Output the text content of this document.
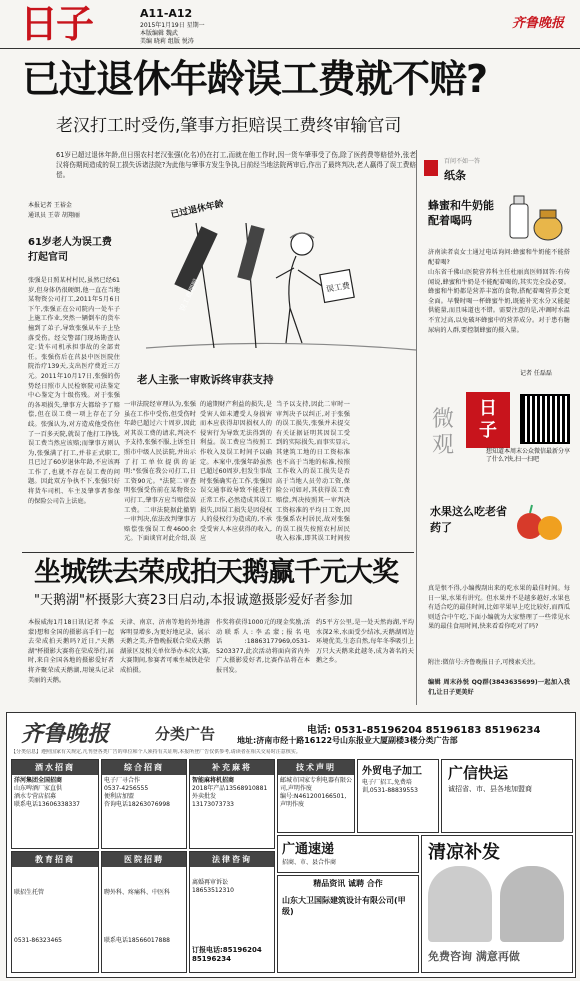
日子	A11-A12
2015年1月19日 星期一
本版编辑 魏武
美编 晓莉 组版 悦涛
齐鲁晚报
已过退休年龄误工费就不赔?
老汉打工时受伤,肇事方拒赔误工费终审输官司
61岁已超过退休年龄,但日照农村老汉张强(化名)仍在打工,而就在他工作时,因一货车肇事受了伤,除了医药费等赔偿外,张老汉将伤期间造成的误工损失诉诸法院?为此他与肇事方发生争执,日前经当地法院两审后,作出了最终判决,老人赢得了误工费赔偿。
本报记者 王裕金
通讯员 王蒂 胡翔丽
61岁老人为误工费打起官司
张强是日照某村村民,虽然已经61岁,但身体仍很硬朗,他一直在当地某物资公司打工,2011年5月6日下午,张强正在公司院内一处车子上施工作业,突然一辆倒车的货车撞到了弟子,导致张强从车子上坠落受伤。经交警部门现场勘查认定:货车司机承担事故的全部责任。张强伤后在莒县中医医院住院治疗139天,支出医疗费近三万元。2011年10月17日,张强的伤势经日照市人民检察院司法鉴定中心鉴定为十级伤残。对于张强的各项损失,肇事方大都给予了赔偿,但在误工费一项上存在了分歧。张强认为,对方造成他受伤住了一百多天院,就误了他打工挣钱,误工费当然应该赔;而肇事方则认为,张强满了打工,并非正式职工,且已过了60岁退休年龄,不应该再工作了,也就不存在误工费的问题。因此双方争执不下,张强只好将货车司机、车主及肇事者参保的保险公司告上法庭。
已过退休年龄
误工费理赔	误工费
老人主张一审败诉终审获支持
一审法院经审理认为,张强虽在工作中受伤,但受伤时年龄已超过六十周岁,因此对其误工费的请求,判决不予支持,张强不服,上诉至日照市中级人民法院,并出示了打工单位提供的证明:"张强在我公司打工,日工资90元。"法院二审查明张强受伤前在某物资公司打工,肇事方应当赔偿误工费。二审法院据此撤销一审判决,依法改判肇事方赔偿张强误工费4600余元。下面谈官对此介绍,误
的逾期财产利益的损失,是受害人如未遭受人身损害而本应获得却因损权人的侵害行为导致无法得到的利益。误工费应当按照工作收入及误工时间予以确定。本案中,张强年龄虽然已超过60周岁,但发生事故时张强确实在工作,张强因误交通事故导致不能进行正常工作,必然造成其误工损失,因误工损失是因侵权人的侵权行为造成的,不承受受害人本应获得的收入,应
当予以支持,因此二审时一审判决予以纠正,对于张强的误工损失,张强并未提交有关证据证明其因误工受到的实际损失,而事实显示,其建筑工地的日工资标准也不高于当地的标准,按照工作收入的误工损失是否高于当地人员劳动工资,保险公司如对,其获得误工费赔偿,判决按照其一审判决工资标准的平均日工资,因张强系农村居民,故对张强的误工损失按照农村居民收入标准,即其误工时间按
百问不如一答
纸条
蜂蜜和牛奶能配着喝吗
济南读者袁女士通过电话询问:蜂蜜和牛奶能不能搭配着喝?
山东省千佛山医院营养科主任杜丽真医师回答:有传闻说,蜂蜜和牛奶是不能配着喝的,其实完全没必要。蜂蜜和牛奶都是营养丰富的食物,搭配着喝营养会更全面。早餐时喝一杯蜂蜜牛奶,既能补充水分又能提供能量,而且味道也不错。需要注意的是,冲调时水温不宜过高,以免破坏蜂蜜中的营养成分。对于患有糖尿病的人群,要控制蜂蜜的摄入量。
记者 任磊磊
微
观
日子
想知道本周末公众微信最新分享了什么?快,扫一扫吧
水果这么吃老省药了
真是恨不得,小编搜刮出来的吃水果的最佳时间。每日一果,水果有讲究。但水果并不是越多越好,水果也有适合吃的最佳时间,比如苹果早上吃比较好,而西瓜则适合中午吃,下面小编就为大家整理了一些常见水果的最佳食用时间,快来看看你吃对了吗?
附注:微信号:齐鲁晚报日子,可搜索关注。
编辑 周末孙悦 QQ群(3843635699)一起加入我们,让日子更美好
坐城铁去荣成拍天鹅赢千元大奖
"天鹅湖"杯摄影大赛23日启动,本报诚邀摄影爱好者参加
本报威海1月18日讯(记者 李孟蒙)想和全国的摄影高手们一起去荣成拍天鹅吗?近日,"天鹅湖"杯摄影大赛将在荣成举行,届时,来自全国各地的摄影爱好者将齐聚荣成天鹅湖,用镜头记录美丽的天鹅。
天津、南京、济南等地的外地游客明显增多,为更好地记录、展示天鹅之美,齐鲁晚报联合荣成天鹅湖景区及相关单位举办本次大赛,大赛期间,参赛者可乘坐城铁赴荣成拍摄。
作奖将获得1000元的现金奖励,活动联系人:李孟蒙;报名电话:18863177969,0531-5203377,此次活动将面向省内外广大摄影爱好者,比赛作品将在本报刊发。
约5平方公里,是一处天然海湖,平均水深2米,水面受少结冰,天鹅湖周边环境优美,生态自然,每年冬季吸引上万只大天鹅来此越冬,成为著名的天鹅之乡。
齐鲁晚报	分类广告	电话: 0531-85196204 85196183 85196234
地址:济南市经十路16122号山东报业大厦副楼3楼分类广告部
【分类信息】遵照国家有关规定,凡刊登各类广告的单位和个人须持有关证明,本报所登广告仅供参考,请读者在相关交易时注意核实。
酒水招商
洋河集团全国招商
山东啤酒厂家直供
酒水专营店招募
联系电话13606338337
教育招商
联招生托管
0531-86323465
综合招商
电子厂寻合作
0537-4256555
便利店加盟
咨询电话18263076998
医院招聘
聘外科、疼痛科、中医科
联系电话18566017888
补充麻将
智能麻将机招商
2018年产品13568910881
外卖批发
13173073733
法律咨询
离婚再审诉讼
18653512310
订报电话:85196204 85196234
技术声明
邮城市国家专利电器有限公司,声明作废
编号:N461200166501,声明作废
广通速递
招商、市、县合作商
精品资讯 诚聘 合作
山东大卫国际建筑设计有限公司(甲级)
外贸电子加工
电子厂招工,免费培训,0531-88839553
清凉补发
免费咨询 满意再做
广信快运
诚招省、市、县各地加盟商
